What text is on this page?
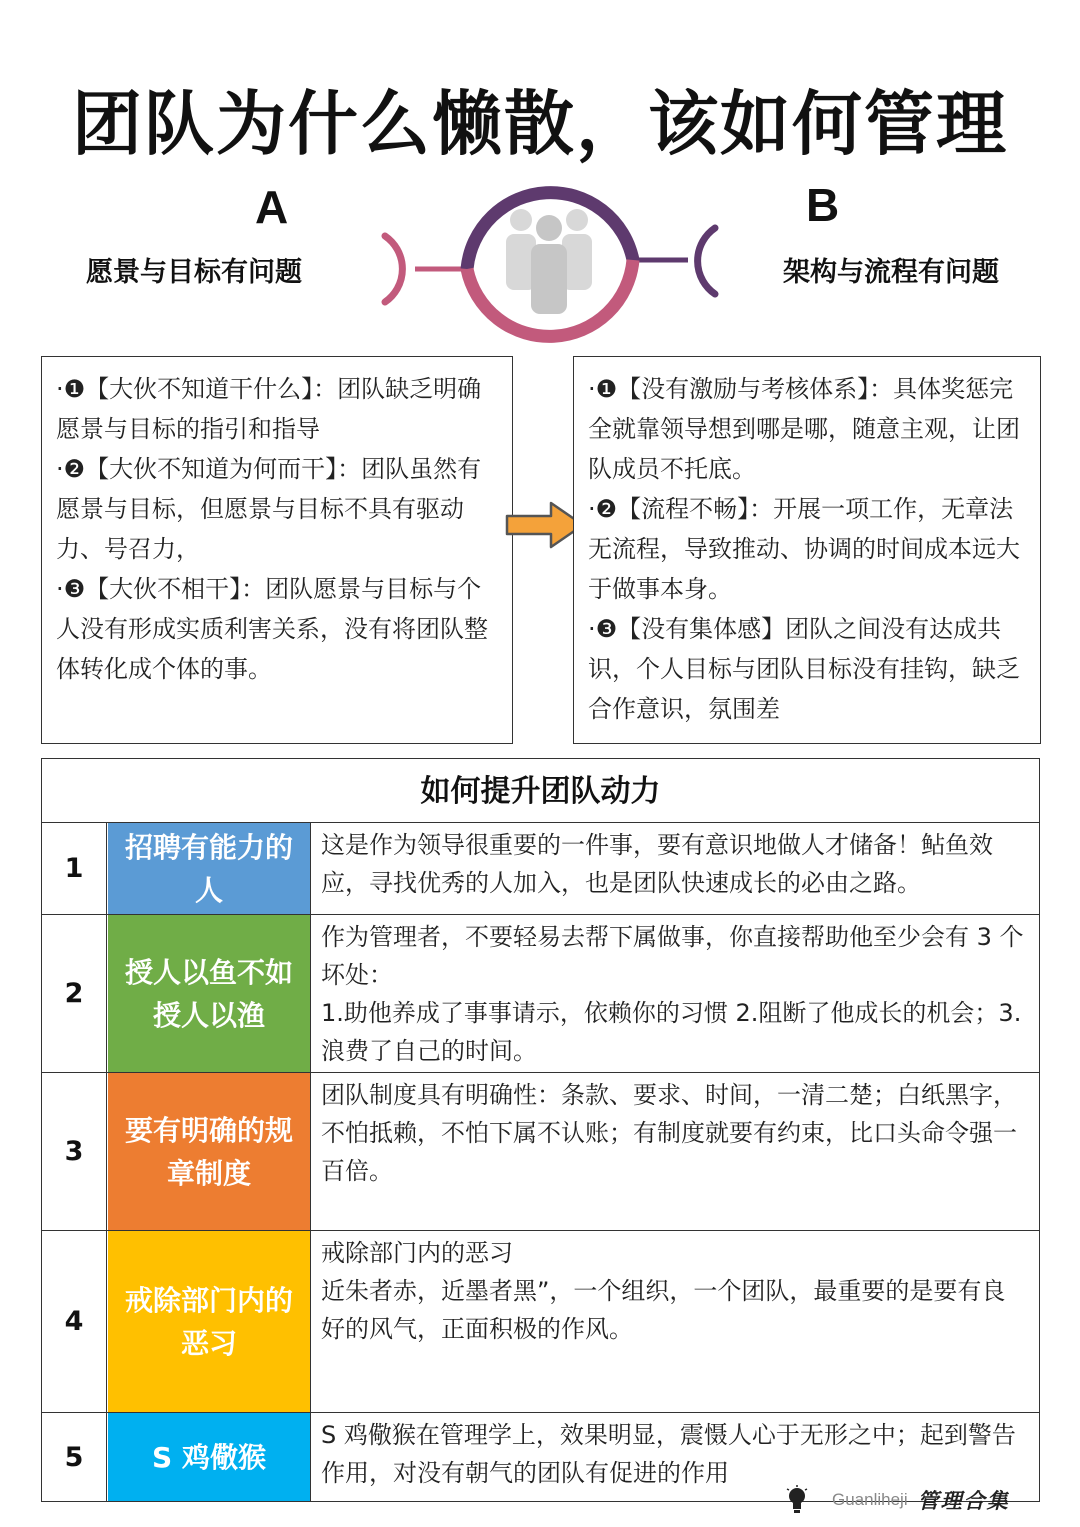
团队为什么懒散，该如何管理
A
愿景与目标有问题
B
架构与流程有问题

·❶【大伙不知道干什么】：团队缺乏明确愿景与目标的指引和指导

·❷【大伙不知道为何而干】：团队虽然有愿景与目标，但愿景与目标不具有驱动力、号召力，

·❸【大伙不相干】：团队愿景与目标与个人没有形成实质利害关系，没有将团队整体转化成个体的事。

·❶【没有激励与考核体系】：具体奖惩完全就靠领导想到哪是哪，随意主观，让团队成员不托底。

·❷【流程不畅】：开展一项工作，无章法无流程，导致推动、协调的时间成本远大于做事本身。

·❸【没有集体感】团队之间没有达成共识，个人目标与团队目标没有挂钩，缺乏合作意识，氛围差

如何提升团队动力
1
招聘有能力的人

这是作为领导很重要的一件事，要有意识地做人才储备！鲇鱼效应，寻找优秀的人加入，也是团队快速成长的必由之路。

2
授人以鱼不如授人以渔

作为管理者，不要轻易去帮下属做事，你直接帮助他至少会有 3 个坏处：

1.助他养成了事事请示，依赖你的习惯 2.阻断了他成长的机会；3.浪费了自己的时间。

3
要有明确的规章制度

团队制度具有明确性：条款、要求、时间，一清二楚；白纸黑字，

不怕抵赖，不怕下属不认账；有制度就要有约束，比口头命令强一百倍。

4
戒除部门内的恶习

戒除部门内的恶习

近朱者赤，近墨者黑”，一个组织，一个团队，最重要的是要有良好的风气，正面积极的作风。

5	S 鸡儆猴

S 鸡儆猴在管理学上，效果明显，震慑人心于无形之中；起到警告作用，对没有朝气的团队有促进的作用

Guanliheji 管理合集
